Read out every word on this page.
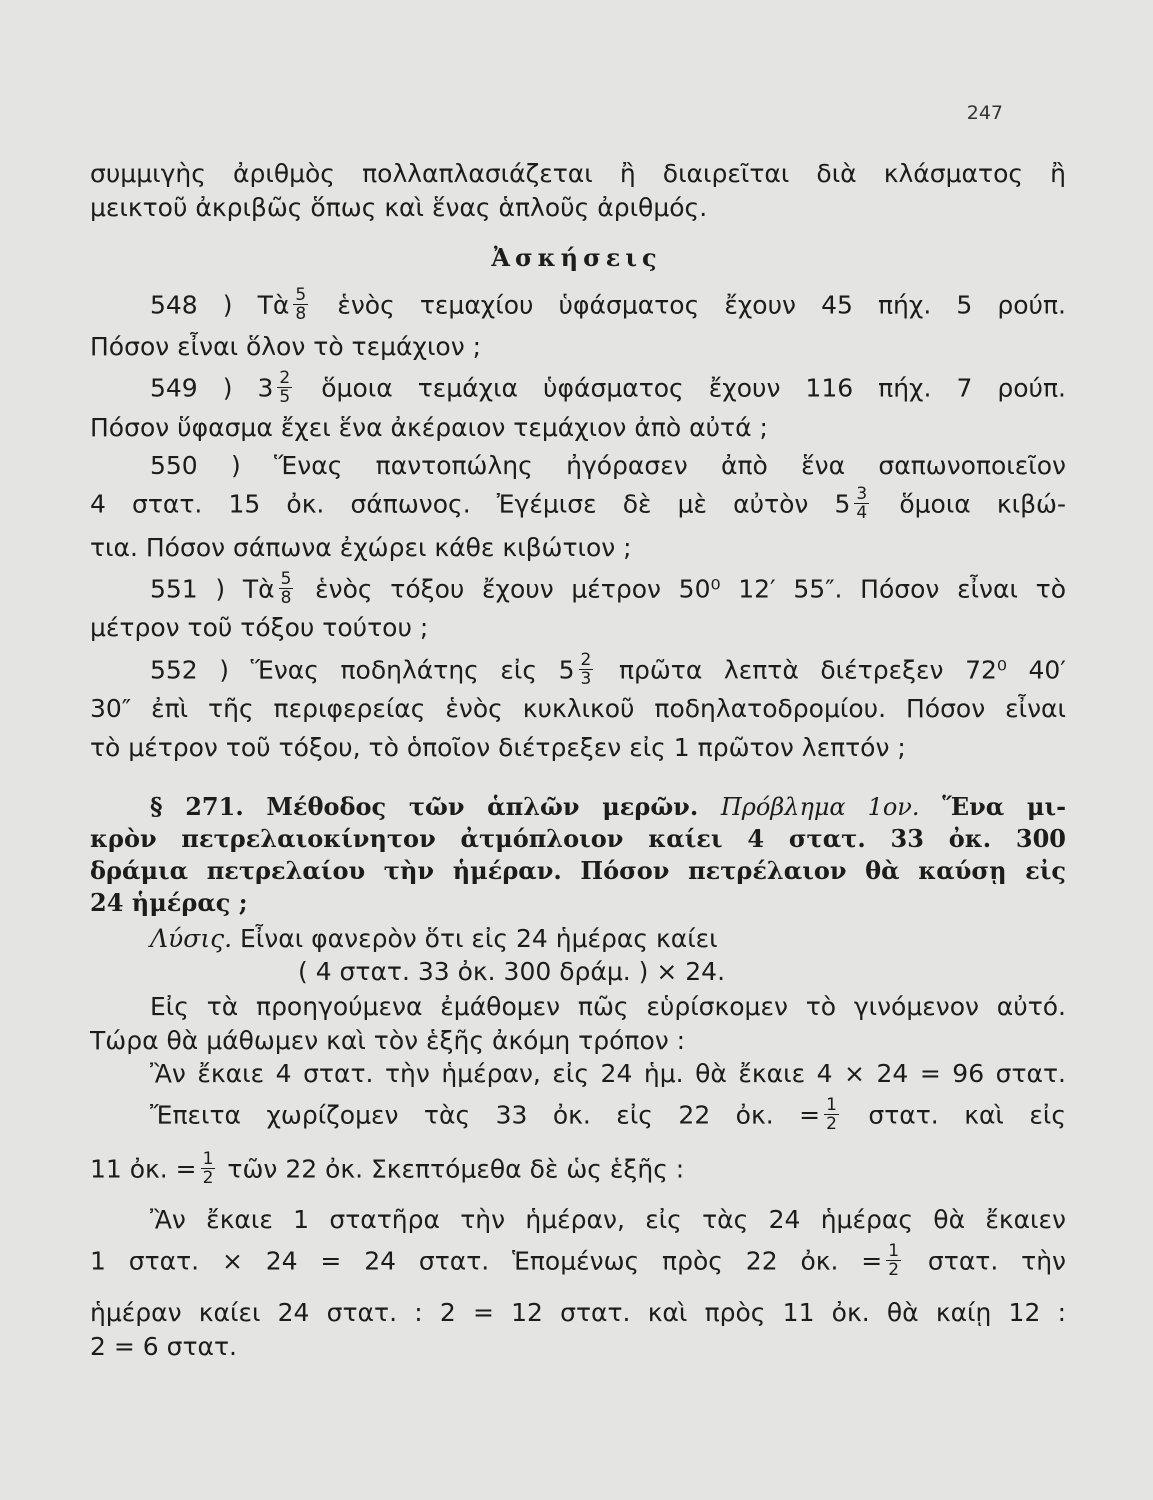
247
συμμιγὴς ἀριθμὸς πολλαπλασιάζεται ἢ διαιρεῖται διὰ κλάσματος ἢ
μεικτοῦ ἀκριβῶς ὅπως καὶ ἕνας ἁπλοῦς ἀριθμός.
Ἀσκήσεις
548 ) Τὰ $\frac{5}{8}$ ἑνὸς τεμαχίου ὑφάσματος ἔχουν 45 πήχ. 5 ρούπ.
Πόσον εἶναι ὅλον τὸ τεμάχιον ;
549 ) $3 \frac{2}{5}$ ὅμοια τεμάχια ὑφάσματος ἔχουν 116 πήχ. 7 ρούπ.
Πόσον ὕφασμα ἔχει ἕνα ἀκέραιον τεμάχιον ἀπὸ αὐτά ;
550 ) Ἕνας παντοπώλης ἠγόρασεν ἀπὸ ἕνα σαπωνοποιεῖον
4 στατ. 15 ὀκ. σάπωνος. Ἐγέμισε δὲ μὲ αὐτὸν $5 \frac{3}{4}$ ὅμοια κιβώ-
τια. Πόσον σάπωνα ἐχώρει κάθε κιβώτιον ;
551 ) Τὰ $\frac{5}{8}$ ἑνὸς τόξου ἔχουν μέτρον 50⁰ 12′ 55″. Πόσον εἶναι τὸ
μέτρον τοῦ τόξου τούτου ;
552 ) Ἕνας ποδηλάτης εἰς $5 \frac{2}{3}$ πρῶτα λεπτὰ διέτρεξεν 72⁰ 40′
30″ ἐπὶ τῆς περιφερείας ἑνὸς κυκλικοῦ ποδηλατοδρομίου. Πόσον εἶναι
τὸ μέτρον τοῦ τόξου, τὸ ὁποῖον διέτρεξεν εἰς 1 πρῶτον λεπτόν ;
§ 271. Μέθοδος τῶν ἁπλῶν μερῶν. Πρόβλημα 1ον. Ἕνα μι-
κρὸν πετρελαιοκίνητον ἀτμόπλοιον καίει 4 στατ. 33 ὀκ. 300
δράμια πετρελαίου τὴν ἡμέραν. Πόσον πετρέλαιον θὰ καύσῃ εἰς
24 ἡμέρας ;
Λύσις. Εἶναι φανερὸν ὅτι εἰς 24 ἡμέρας καίει
( 4 στατ. 33 ὀκ. 300 δράμ. ) × 24.
Εἰς τὰ προηγούμενα ἐμάθομεν πῶς εὑρίσκομεν τὸ γινόμενον αὐτό.
Τώρα θὰ μάθωμεν καὶ τὸν ἑξῆς ἀκόμη τρόπον :
Ἂν ἔκαιε 4 στατ. τὴν ἡμέραν, εἰς 24 ἡμ. θὰ ἔκαιε 4 × 24 = 96 στατ.
Ἔπειτα χωρίζομεν τὰς 33 ὀκ. εἰς 22 ὀκ. = $\frac{1}{2} \sigma\tau\alpha\tau$. καὶ εἰς
11 ὀκ. = $\frac{1}{2}$ τῶν 22 ὀκ. Σκεπτόμεθα δὲ ὡς ἑξῆς :
Ἂν ἔκαιε 1 στατῆρα τὴν ἡμέραν, εἰς τὰς 24 ἡμέρας θὰ ἔκαιεν
1 στατ. × 24 = 24 στατ. Ἑπομένως πρὸς 22 ὀκ. = $\frac{1}{2} \sigma\tau\alpha\tau$. τὴν
ἡμέραν καίει 24 στατ. : 2 = 12 στατ. καὶ πρὸς 11 ὀκ. θὰ καίῃ 12 :
2 = 6 στατ.
